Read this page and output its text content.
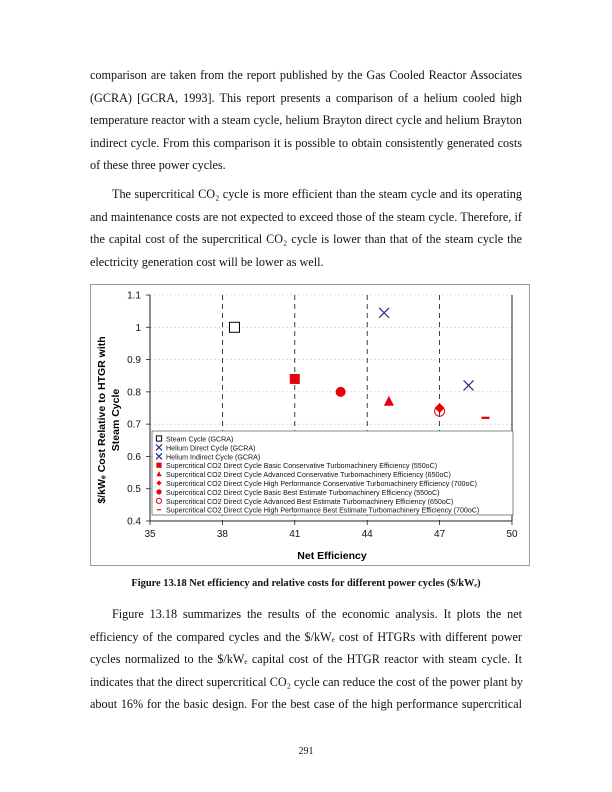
comparison are taken from the report published by the Gas Cooled Reactor Associates
(GCRA) [GCRA, 1993]. This report presents a comparison of a helium cooled high
temperature reactor with a steam cycle, helium Brayton direct cycle and helium Brayton
indirect cycle. From this comparison it is possible to obtain consistently generated costs
of these three power cycles.
The supercritical CO₂ cycle is more efficient than the steam cycle and its operating
and maintenance costs are not expected to exceed those of the steam cycle. Therefore, if
the capital cost of the supercritical CO₂ cycle is lower than that of the steam cycle the
electricity generation cost will be lower as well.
0.4
0.5
0.6
0.7
0.8
0.9
1
1.1
35	38	41	44	47	50
Steam Cycle (GCRA)
Helium Direct Cycle (GCRA)
Helium Indirect Cycle (GCRA)
Supercritical CO2 Direct Cycle Basic Conservative Turbomachinery Efficiency (550oC)
Supercritical CO2 Direct Cycle Advanced Conservative Turbomachinery Efficiency (650oC)
Supercritical CO2 Direct Cycle High Performance Conservative Turbomachinery Efficiency (700oC)
Supercritical CO2 Direct Cycle Basic Best Estimate Turbomachinery Efficiency (550oC)
Supercritical CO2 Direct Cycle Advanced Best Estimate Turbomachinery Efficiency (650oC)
Supercritical CO2 Direct Cycle High Performance Best Estimate Turbomachinery Efficiency (700oC)
$/kWₑ Cost Relative to HTGR with Steam Cycle
Net Efficiency
Figure 13.18 Net efficiency and relative costs for different power cycles ($/kWₑ)
Figure 13.18 summarizes the results of the economic analysis. It plots the net
efficiency of the compared cycles and the $/kWₑ cost of HTGRs with different power
cycles normalized to the $/kWₑ capital cost of the HTGR reactor with steam cycle. It
indicates that the direct supercritical CO₂ cycle can reduce the cost of the power plant by
about 16% for the basic design. For the best case of the high performance supercritical
291
